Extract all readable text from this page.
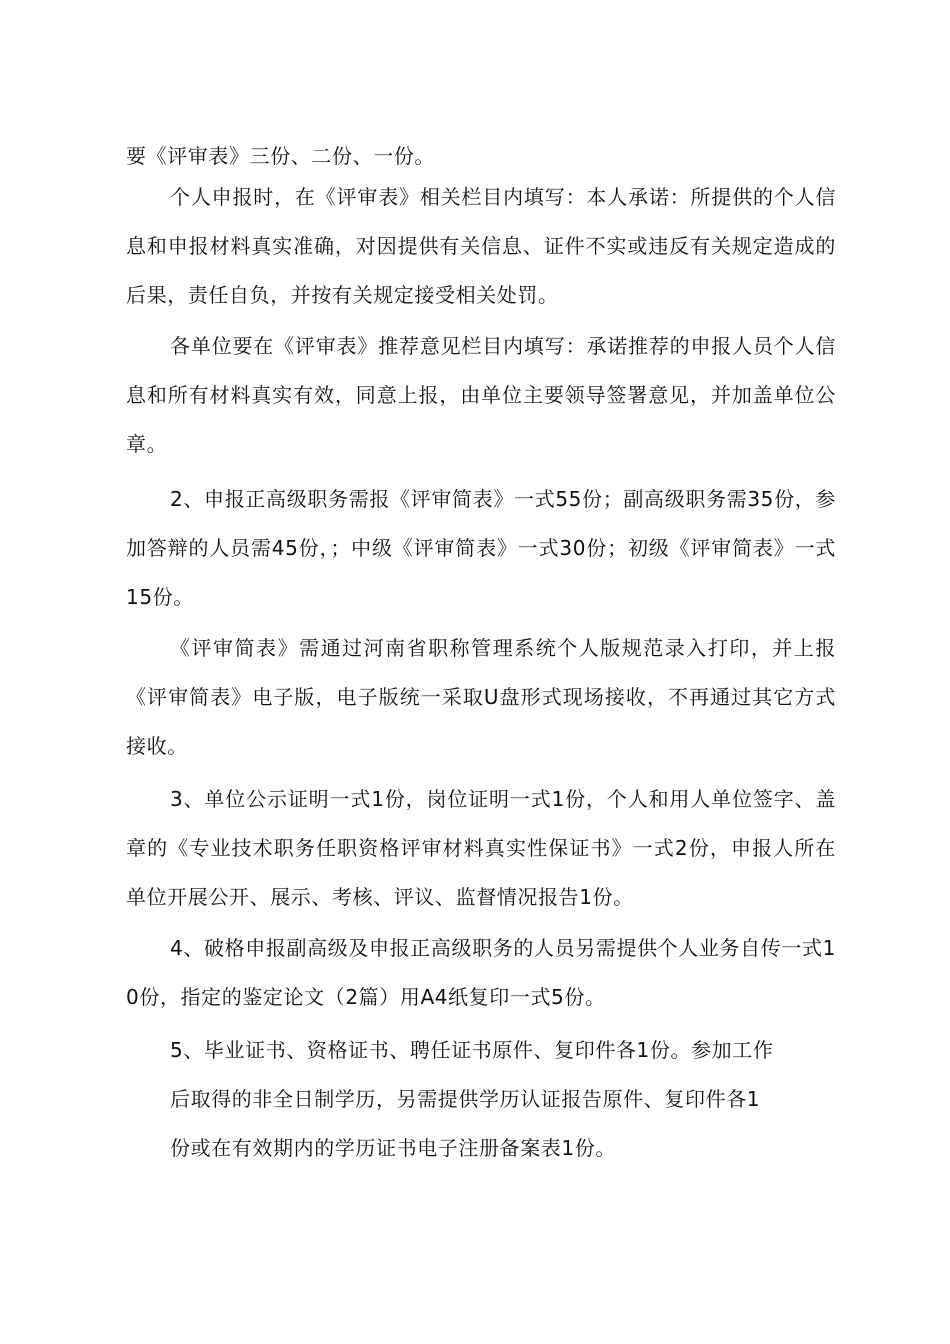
要《评审表》三份、二份、一份。

个人申报时，在《评审表》相关栏目内填写：本人承诺：所提供的个人信息和申报材料真实准确，对因提供有关信息、证件不实或违反有关规定造成的后果，责任自负，并按有关规定接受相关处罚。

各单位要在《评审表》推荐意见栏目内填写：承诺推荐的申报人员个人信息和所有材料真实有效，同意上报，由单位主要领导签署意见，并加盖单位公章。

2、申报正高级职务需报《评审简表》一式55份；副高级职务需35份，参加答辩的人员需45份，；中级《评审简表》一式30份；初级《评审简表》一式15份。

《评审简表》需通过河南省职称管理系统个人版规范录入打印，并上报《评审简表》电子版，电子版统一采取U盘形式现场接收，不再通过其它方式接收。

3、单位公示证明一式1份，岗位证明一式1份，个人和用人单位签字、盖章的《专业技术职务任职资格评审材料真实性保证书》一式2份，申报人所在单位开展公开、展示、考核、评议、监督情况报告1份。

4、破格申报副高级及申报正高级职务的人员另需提供个人业务自传一式10份，指定的鉴定论文（2篇）用A4纸复印一式5份。

5、毕业证书、资格证书、聘任证书原件、复印件各1份。参加工作
后取得的非全日制学历，另需提供学历认证报告原件、复印件各1
份或在有效期内的学历证书电子注册备案表1份。
